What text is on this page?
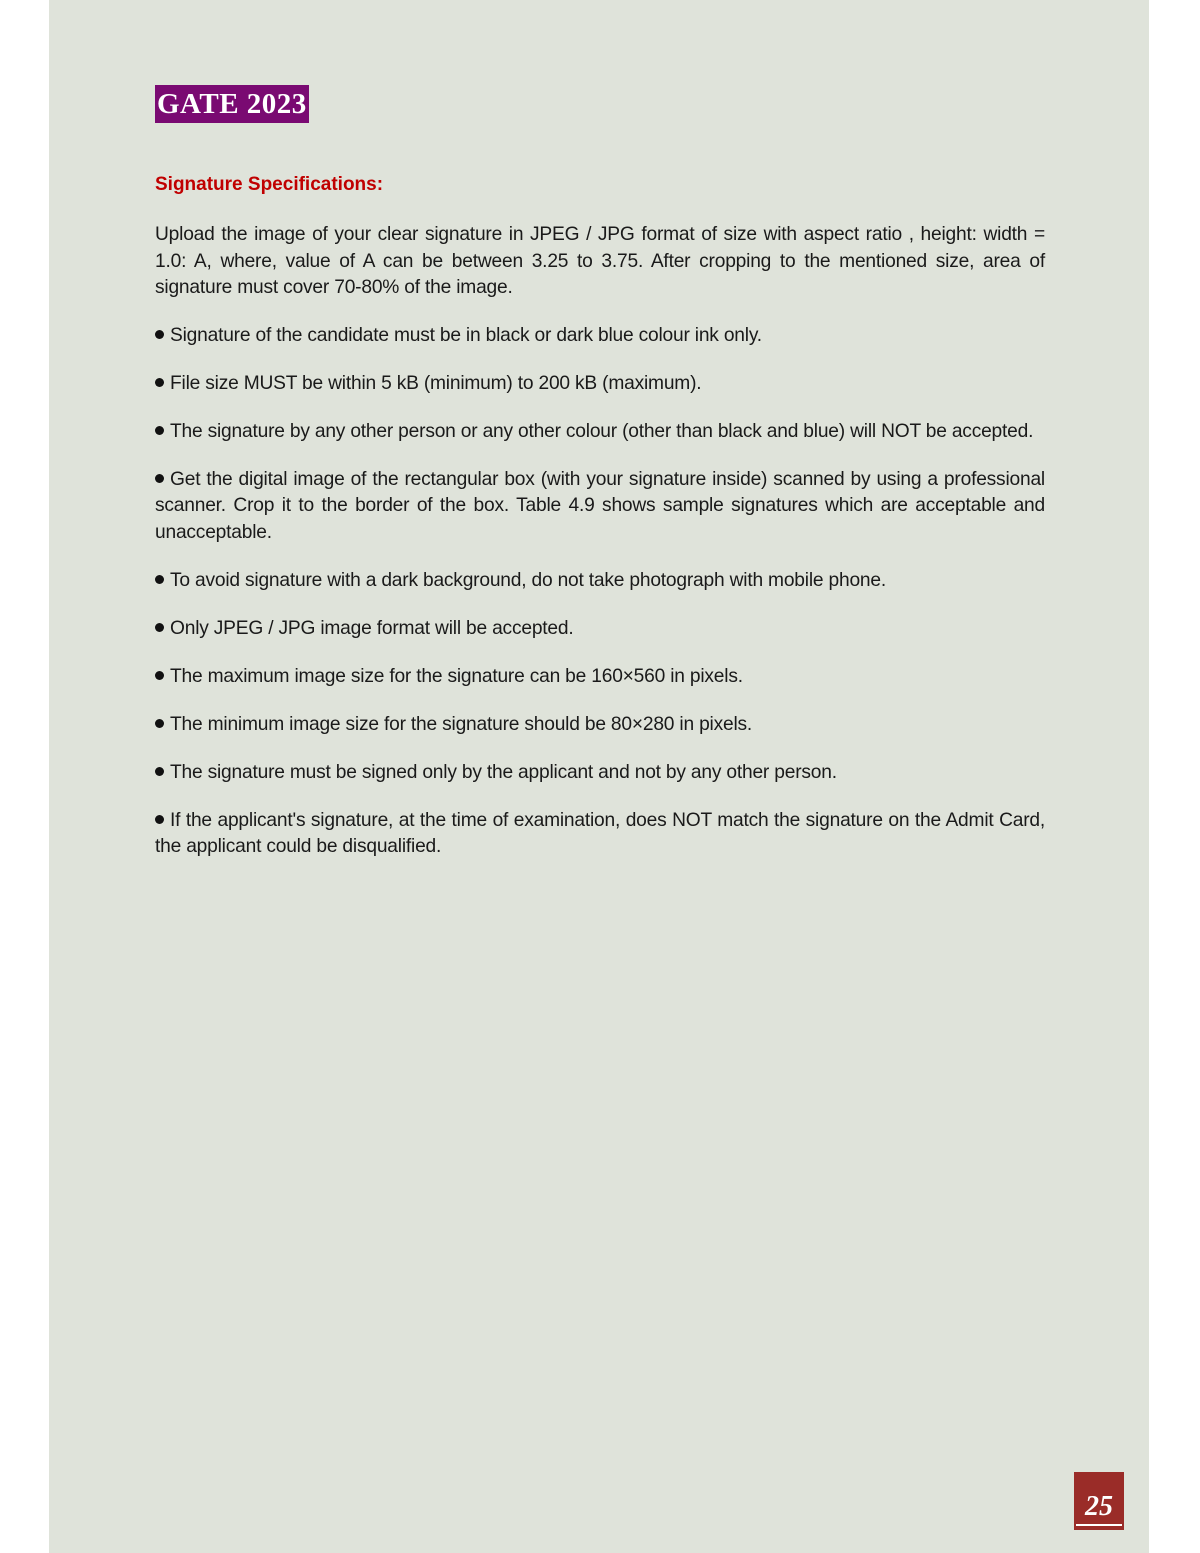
GATE 2023
Signature Specifications:

Upload the image of your clear signature in JPEG / JPG format of size with aspect ratio , height: width = 1.0: A, where, value of A can be between 3.25 to 3.75. After cropping to the mentioned size, area of signature must cover 70-80% of the image.

Signature of the candidate must be in black or dark blue colour ink only.
File size MUST be within 5 kB (minimum) to 200 kB (maximum).
The signature by any other person or any other colour (other than black and blue) will NOT be accepted.
Get the digital image of the rectangular box (with your signature inside) scanned by using a professional scanner. Crop it to the border of the box. Table 4.9 shows sample signatures which are acceptable and unacceptable.
To avoid signature with a dark background, do not take photograph with mobile phone.
Only JPEG / JPG image format will be accepted.
The maximum image size for the signature can be 160×560 in pixels.
The minimum image size for the signature should be 80×280 in pixels.
The signature must be signed only by the applicant and not by any other person.
If the applicant's signature, at the time of examination, does NOT match the signature on the Admit Card, the applicant could be disqualified.
25
